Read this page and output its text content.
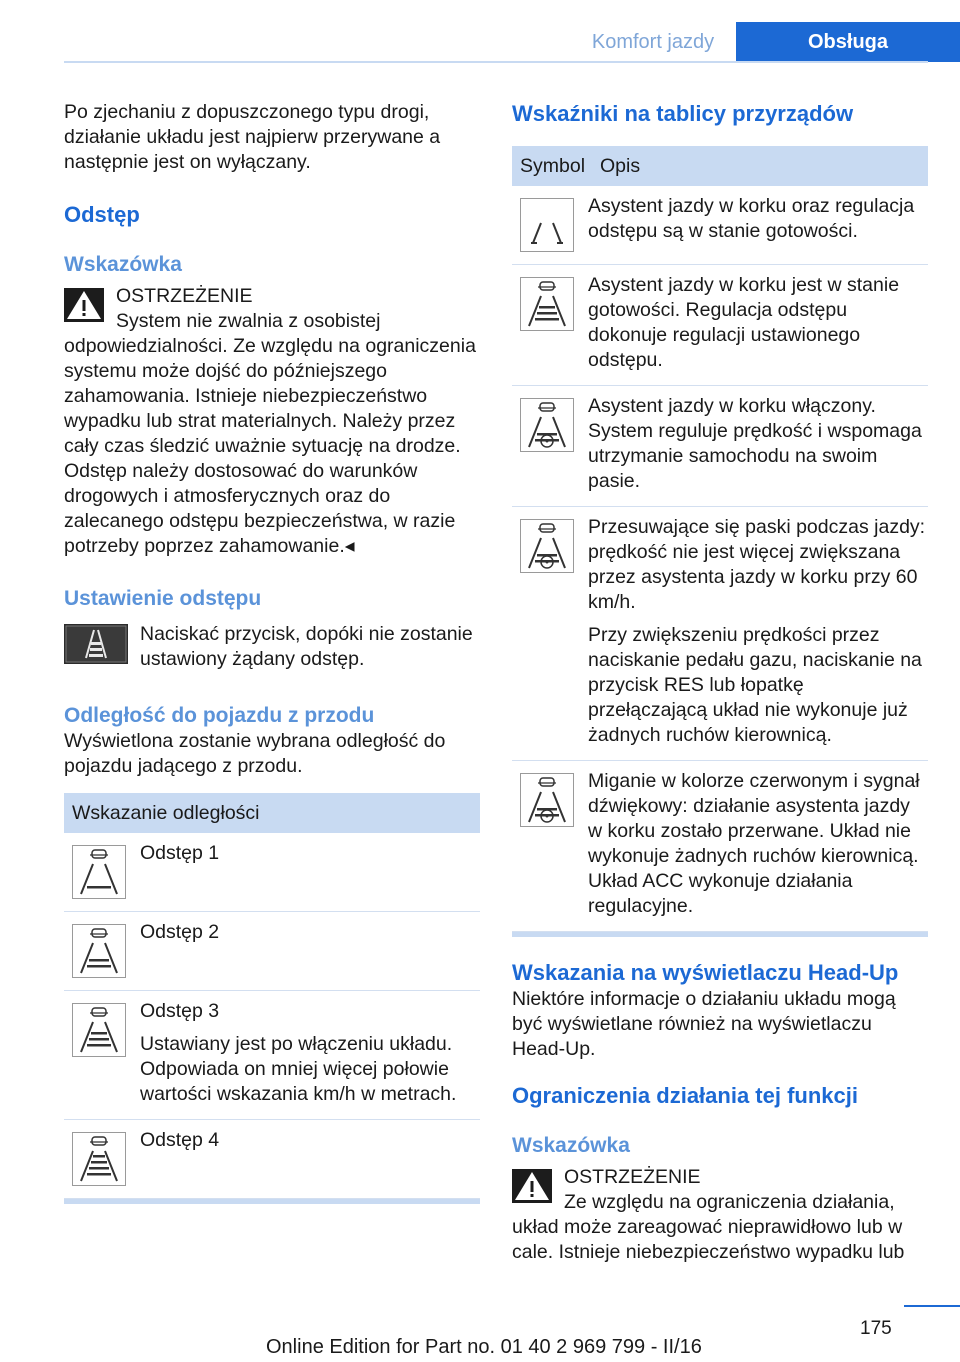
Komfort jazdy	Obsługa

Po zjechaniu z dopuszczonego typu drogi, działanie układu jest najpierw przerywane a następnie jest on wyłączany.

Odstęp
Wskazówka
OSTRZEŻENIE

System nie zwalnia z osobistej odpowiedzialności. Ze względu na ograniczenia systemu może dojść do późniejszego zahamowania. Istnieje niebezpieczeństwo wypadku lub strat materialnych. Należy przez cały czas śledzić uważnie sytuację na drodze. Odstęp należy dostosować do warunków drogowych i atmosferycznych oraz do zalecanego odstępu bezpieczeństwa, w razie potrzeby poprzez zahamowanie.◂

Ustawienie odstępu

Naciskać przycisk, dopóki nie zostanie ustawiony żądany odstęp.

Odległość do pojazdu z przodu

Wyświetlona zostanie wybrana odległość do pojazdu jadącego z przodu.

Wskazanie odległości

Odstęp 1

Odstęp 2

Odstęp 3

Ustawiany jest po włączeniu układu. Odpowiada on mniej więcej połowie wartości wskazania km/h w metrach.

Odstęp 4

Wskaźniki na tablicy przyrządów
Symbol Opis

Asystent jazdy w korku oraz regulacja odstępu są w stanie gotowości.

Asystent jazdy w korku jest w stanie gotowości. Regulacja odstępu dokonuje regulacji ustawionego odstępu.

Asystent jazdy w korku włączony. System reguluje prędkość i wspomaga utrzymanie samochodu na swoim pasie.

Przesuwające się paski podczas jazdy: prędkość nie jest więcej zwiększana przez asystenta jazdy w korku przy 60 km/h.

Przy zwiększeniu prędkości przez naciskanie pedału gazu, naciskanie na przycisk RES lub łopatkę przełączającą układ nie wykonuje już żadnych ruchów kierownicą.

Miganie w kolorze czerwonym i sygnał dźwiękowy: działanie asystenta jazdy w korku zostało przerwane. Układ nie wykonuje żadnych ruchów kierownicą. Układ ACC wykonuje działania regulacyjne.

Wskazania na wyświetlaczu Head-Up

Niektóre informacje o działaniu układu mogą być wyświetlane również na wyświetlaczu Head-Up.

Ograniczenia działania tej funkcji
Wskazówka
OSTRZEŻENIE

Ze względu na ograniczenia działania, układ może zareagować nieprawidłowo lub w cale. Istnieje niebezpieczeństwo wypadku lub

175
Online Edition for Part no. 01 40 2 969 799 - II/16
